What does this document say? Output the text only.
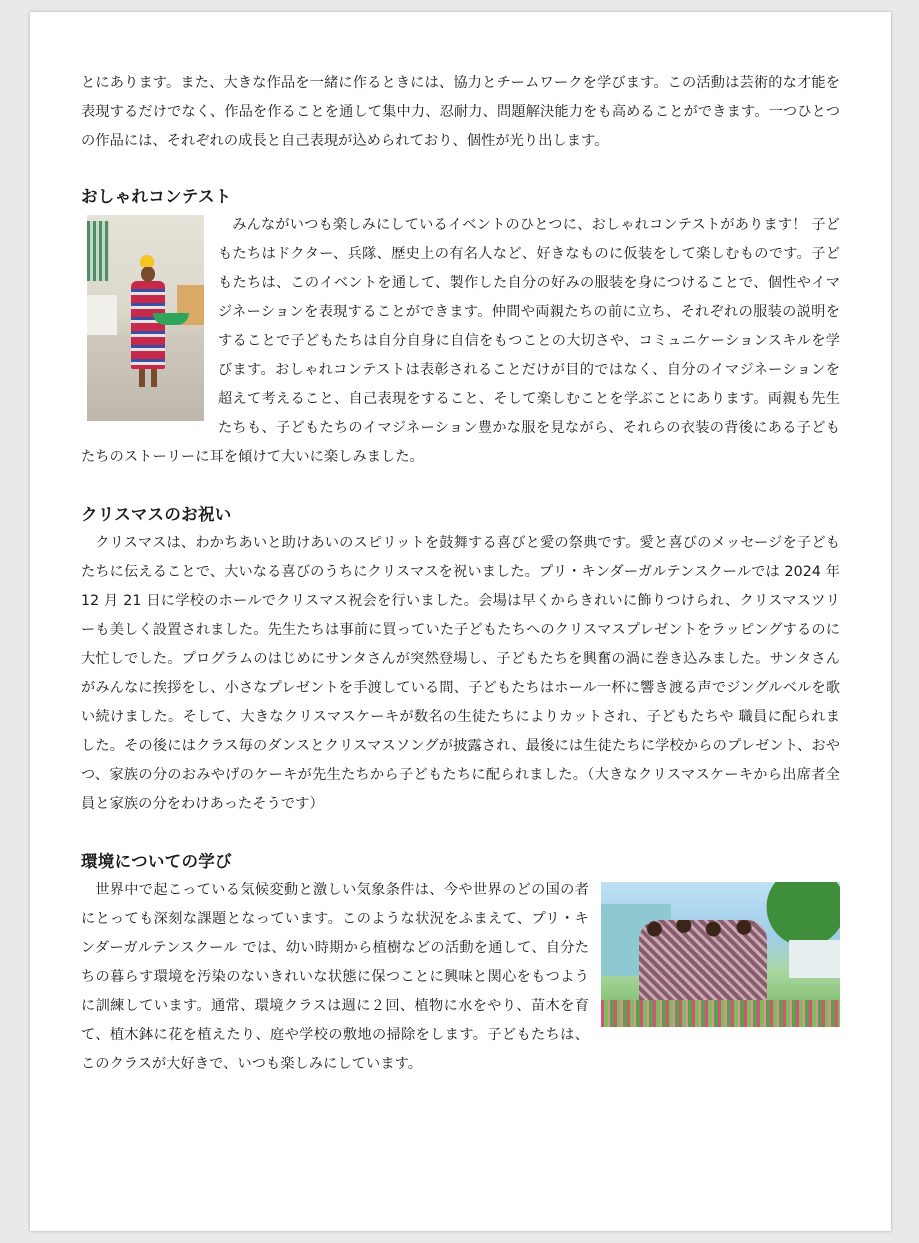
とにあります。また、大きな作品を一緒に作るときには、協力とチームワークを学びます。この活動は芸術的な才能を表現するだけでなく、作品を作ることを通して集中力、忍耐力、問題解決能力をも高めることができます。一つひとつの作品には、それぞれの成長と自己表現が込められており、個性が光り出します。

おしゃれコンテスト

みんながいつも楽しみにしているイベントのひとつに、おしゃれコンテストがあります！ 子どもたちはドクター、兵隊、歴史上の有名人など、好きなものに仮装をして楽しむものです。子どもたちは、このイベントを通して、製作した自分の好みの服装を身につけることで、個性やイマジネーションを表現することができます。仲間や両親たちの前に立ち、それぞれの服装の説明をすることで子どもたちは自分自身に自信をもつことの大切さや、コミュニケーションスキルを学びます。おしゃれコンテストは表彰されることだけが目的ではなく、自分のイマジネーションを超えて考えること、自己表現をすること、そして楽しむことを学ぶことにあります。両親も先生たちも、子どもたちのイマジネーション豊かな服を見ながら、それらの衣装の背後にある子どもたちのストーリーに耳を傾けて大いに楽しみました。

クリスマスのお祝い

クリスマスは、わかちあいと助けあいのスピリットを鼓舞する喜びと愛の祭典です。愛と喜びのメッセージを子どもたちに伝えることで、大いなる喜びのうちにクリスマスを祝いました。プリ・キンダーガルテンスクールでは 2024 年 12 月 21 日に学校のホールでクリスマス祝会を行いました。会場は早くからきれいに飾りつけられ、クリスマスツリーも美しく設置されました。先生たちは事前に買っていた子どもたちへのクリスマスプレゼントをラッピングするのに大忙しでした。プログラムのはじめにサンタさんが突然登場し、子どもたちを興奮の渦に巻き込みました。サンタさんがみんなに挨拶をし、小さなプレゼントを手渡している間、子どもたちはホール一杯に響き渡る声でジングルベルを歌い続けました。そして、大きなクリスマスケーキが数名の生徒たちによりカットされ、子どもたちや 職員に配られました。その後にはクラス毎のダンスとクリスマスソングが披露され、最後には生徒たちに学校からのプレゼント、おやつ、家族の分のおみやげのケーキが先生たちから子どもたちに配られました。（大きなクリスマスケーキから出席者全員と家族の分をわけあったそうです）

環境についての学び

世界中で起こっている気候変動と激しい気象条件は、今や世界のどの国の者にとっても深刻な課題となっています。このような状況をふまえて、プリ・キンダーガルテンスクール では、幼い時期から植樹などの活動を通して、自分たちの暮らす環境を汚染のないきれいな状態に保つことに興味と関心をもつように訓練しています。通常、環境クラスは週に２回、植物に水をやり、苗木を育て、植木鉢に花を植えたり、庭や学校の敷地の掃除をします。子どもたちは、このクラスが大好きで、いつも楽しみにしています。
